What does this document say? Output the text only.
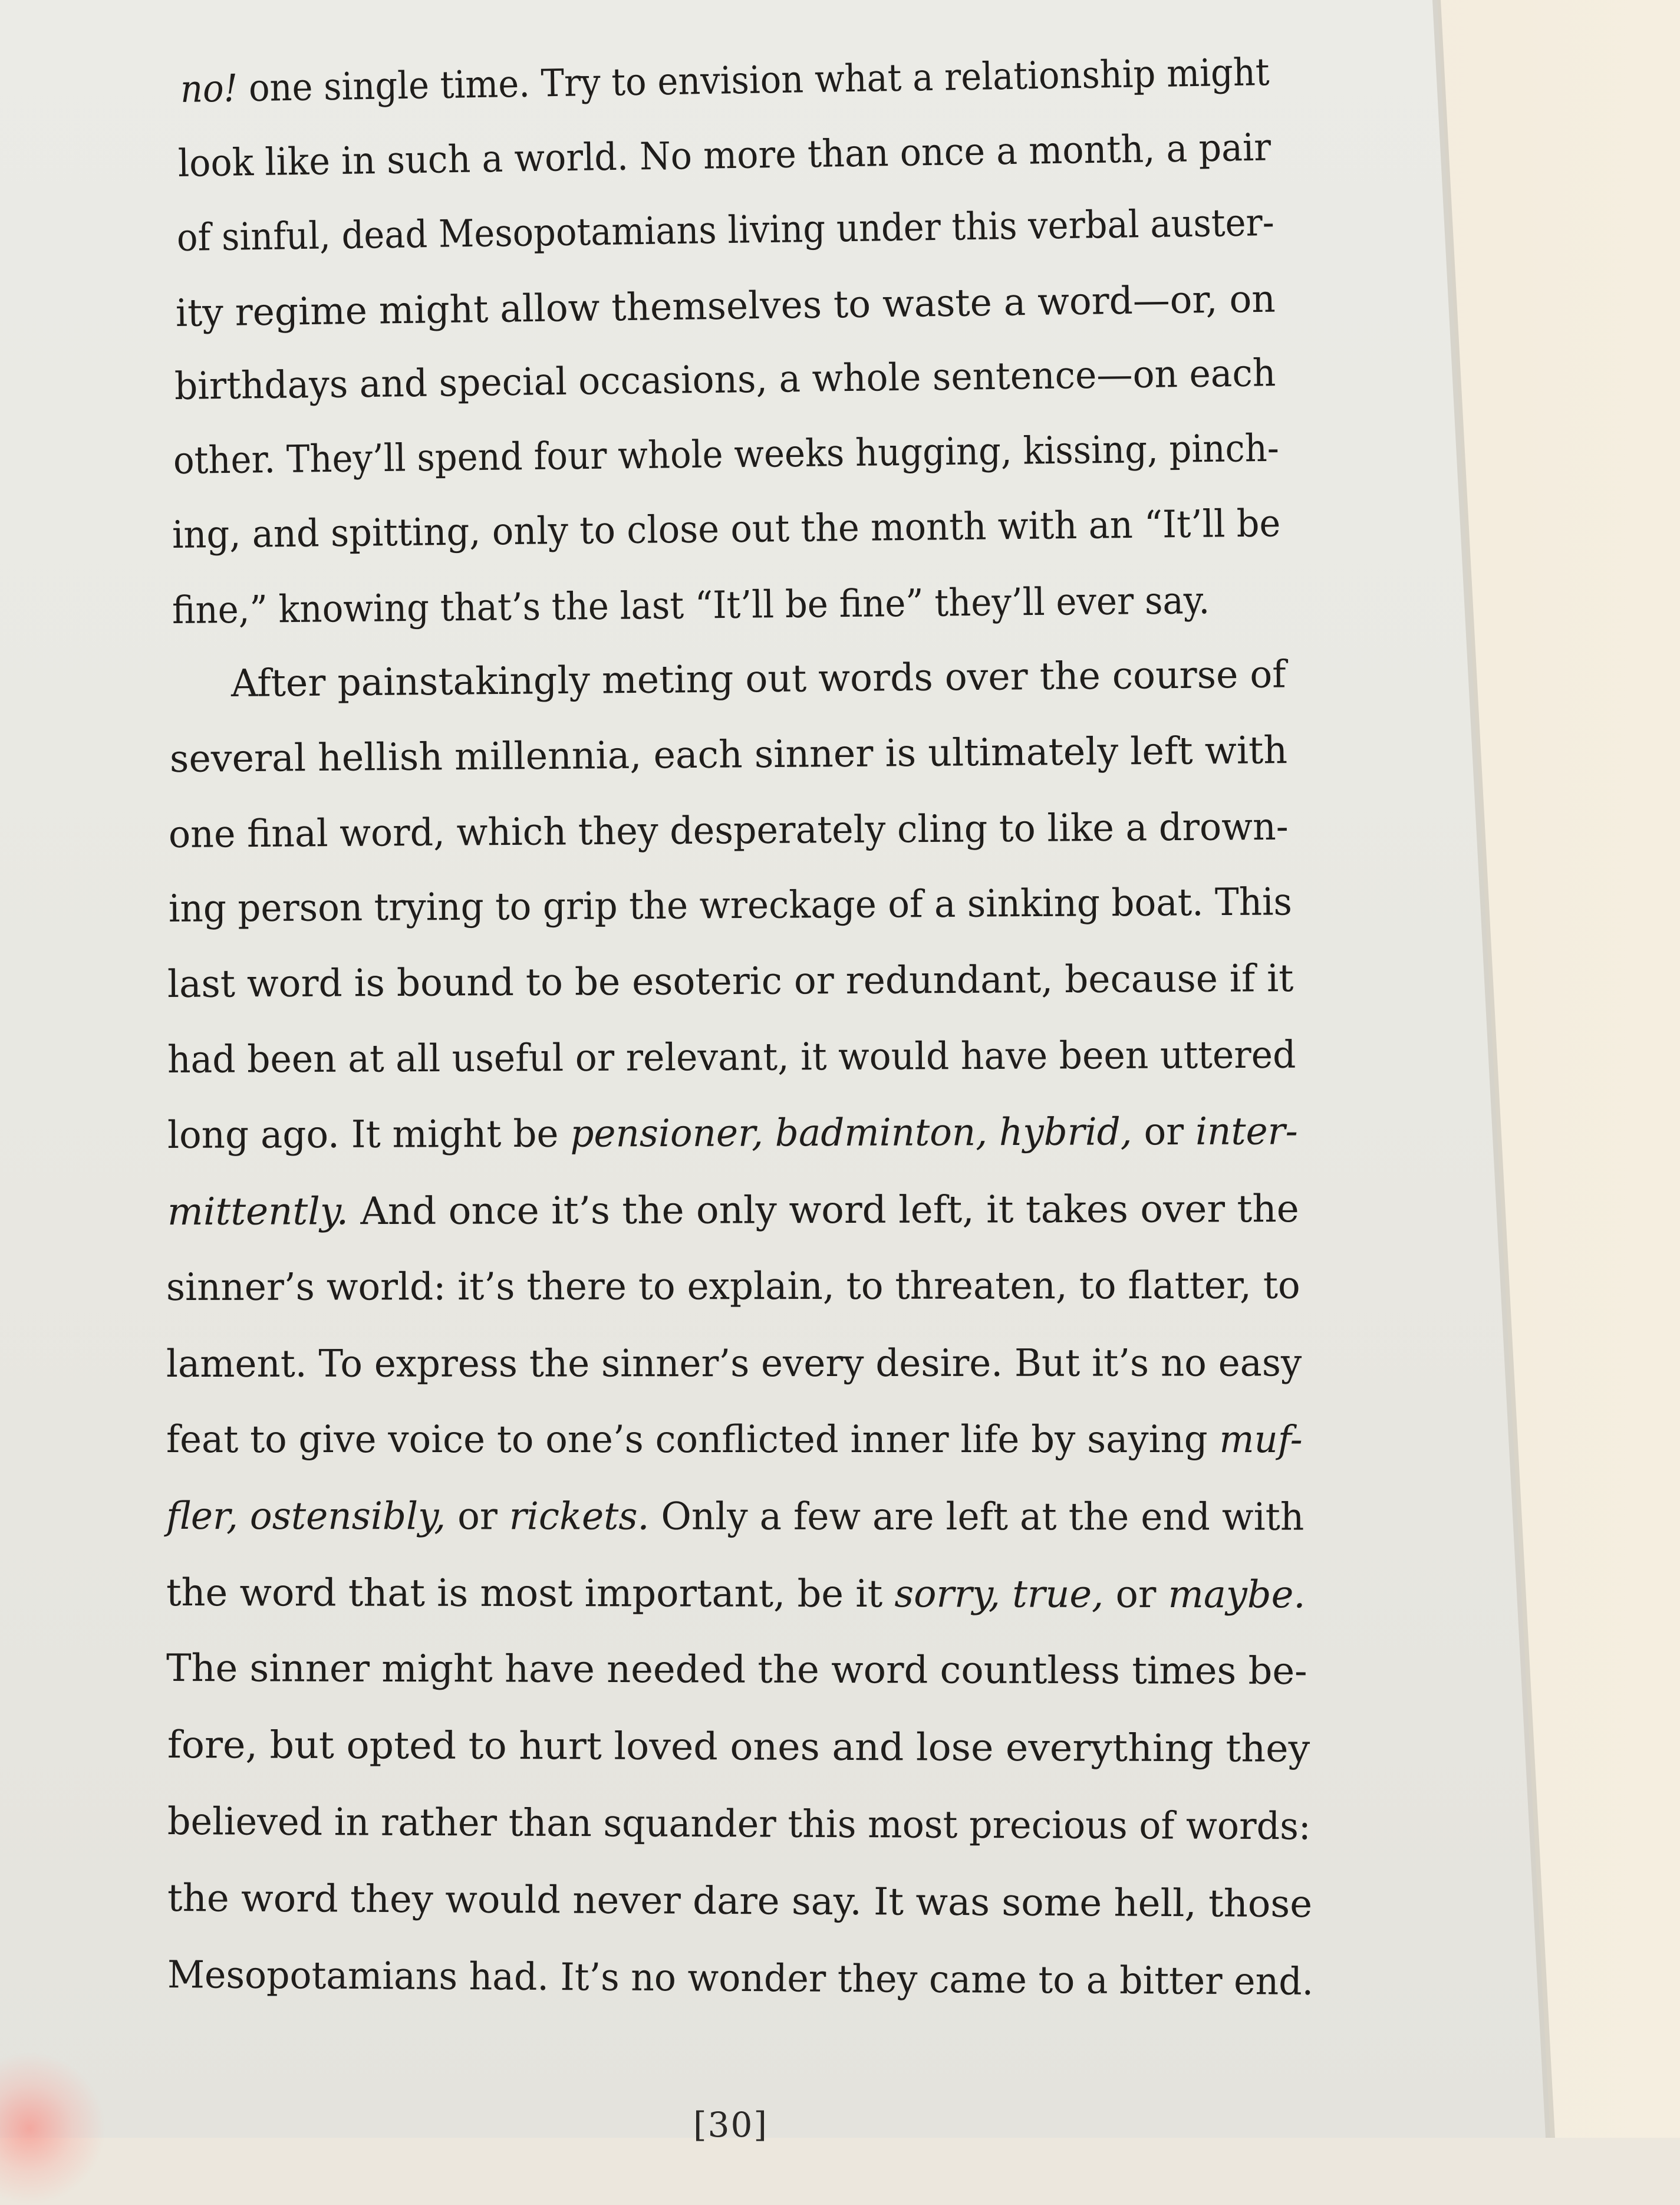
no! one single time. Try to envision what a relationship might
look like in such a world. No more than once a month, a pair
of sinful, dead Mesopotamians living under this verbal auster-
ity regime might allow themselves to waste a word—or, on
birthdays and special occasions, a whole sentence—on each
other. They’ll spend four whole weeks hugging, kissing, pinch-
ing, and spitting, only to close out the month with an “It’ll be
fine,” knowing that’s the last “It’ll be fine” they’ll ever say.
After painstakingly meting out words over the course of
several hellish millennia, each sinner is ultimately left with
one final word, which they desperately cling to like a drown-
ing person trying to grip the wreckage of a sinking boat. This
last word is bound to be esoteric or redundant, because if it
had been at all useful or relevant, it would have been uttered
long ago. It might be pensioner, badminton, hybrid, or inter-
mittently. And once it’s the only word left, it takes over the
sinner’s world: it’s there to explain, to threaten, to flatter, to
lament. To express the sinner’s every desire. But it’s no easy
feat to give voice to one’s conflicted inner life by saying muf-
fler, ostensibly, or rickets. Only a few are left at the end with
the word that is most important, be it sorry, true, or maybe.
The sinner might have needed the word countless times be-
fore, but opted to hurt loved ones and lose everything they
believed in rather than squander this most precious of words:
the word they would never dare say. It was some hell, those
Mesopotamians had. It’s no wonder they came to a bitter end.
[30]
